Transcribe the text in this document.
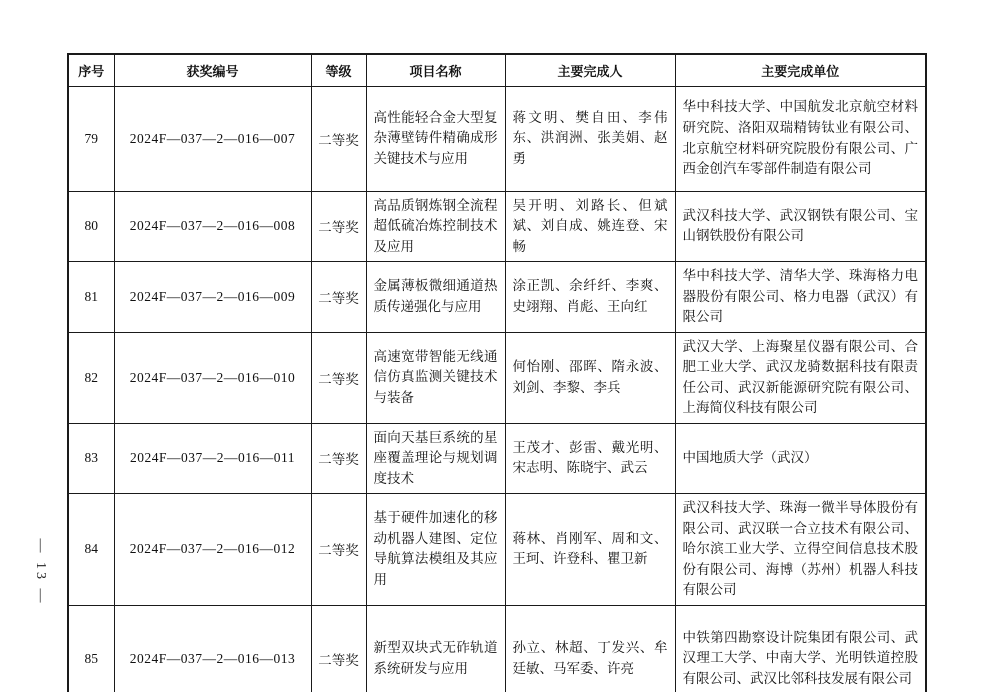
— 13 —
序号	获奖编号	等级	项目名称	主要完成人	主要完成单位
79	2024F—037—2—016—007	二等奖	高性能轻合金大型复杂薄壁铸件精确成形关键技术与应用	蒋文明、樊自田、李伟东、洪润洲、张美娟、赵勇	华中科技大学、中国航发北京航空材料研究院、洛阳双瑞精铸钛业有限公司、北京航空材料研究院股份有限公司、广西金创汽车零部件制造有限公司
80	2024F—037—2—016—008	二等奖	高品质钢炼钢全流程超低硫冶炼控制技术及应用	吴开明、刘路长、但斌斌、刘自成、姚连登、宋畅	武汉科技大学、武汉钢铁有限公司、宝山钢铁股份有限公司
81	2024F—037—2—016—009	二等奖	金属薄板微细通道热质传递强化与应用	涂正凯、余纤纤、李爽、史翊翔、肖彪、王向红	华中科技大学、清华大学、珠海格力电器股份有限公司、格力电器（武汉）有限公司
82	2024F—037—2—016—010	二等奖	高速宽带智能无线通信仿真监测关键技术与装备	何怡刚、邵晖、隋永波、刘剑、李黎、李兵	武汉大学、上海聚星仪器有限公司、合肥工业大学、武汉龙骑数据科技有限责任公司、武汉新能源研究院有限公司、上海简仪科技有限公司
83	2024F—037—2—016—011	二等奖	面向天基巨系统的星座覆盖理论与规划调度技术	王茂才、彭雷、戴光明、宋志明、陈晓宇、武云	中国地质大学（武汉）
84	2024F—037—2—016—012	二等奖	基于硬件加速化的移动机器人建图、定位导航算法模组及其应用	蒋林、肖刚军、周和文、王珂、许登科、瞿卫新	武汉科技大学、珠海一微半导体股份有限公司、武汉联一合立技术有限公司、哈尔滨工业大学、立得空间信息技术股份有限公司、海博（苏州）机器人科技有限公司
85	2024F—037—2—016—013	二等奖	新型双块式无砟轨道系统研发与应用	孙立、林超、丁发兴、牟廷敏、马军委、许亮	中铁第四勘察设计院集团有限公司、武汉理工大学、中南大学、光明铁道控股有限公司、武汉比邻科技发展有限公司
